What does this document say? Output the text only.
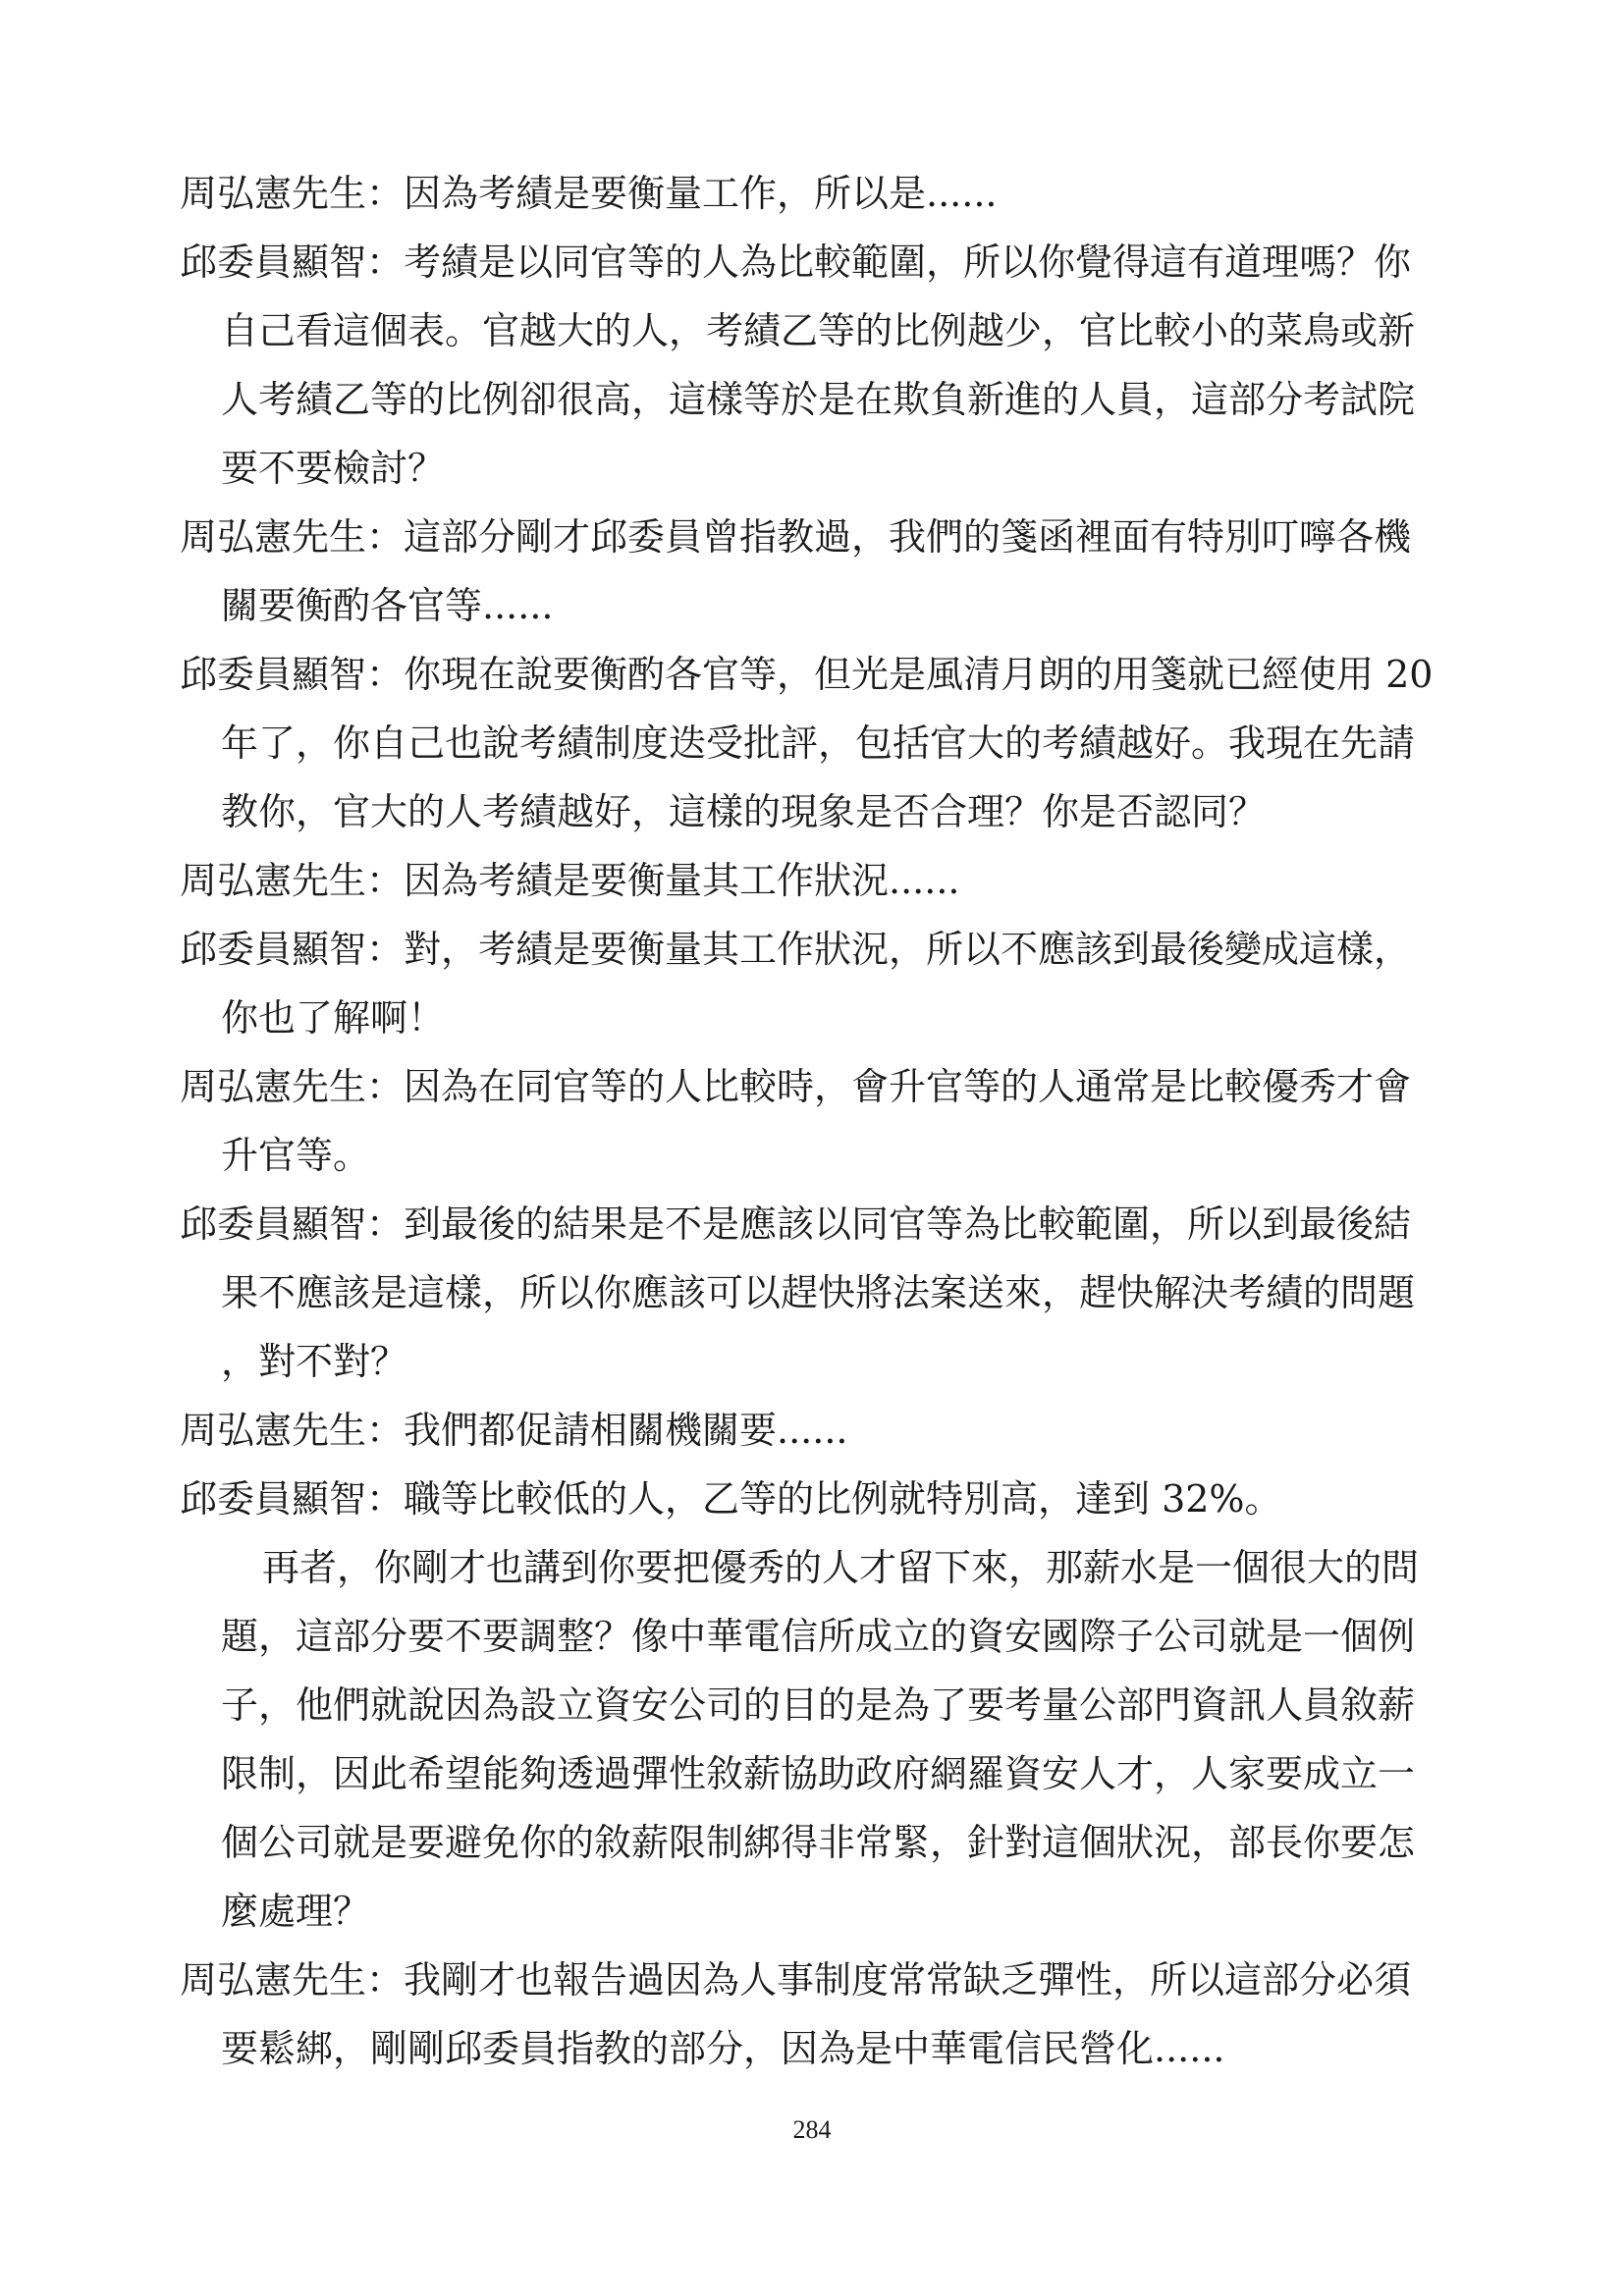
周弘憲先生：因為考績是要衡量工作，所以是......
邱委員顯智：考績是以同官等的人為比較範圍，所以你覺得這有道理嗎？你
自己看這個表。官越大的人，考績乙等的比例越少，官比較小的菜鳥或新
人考績乙等的比例卻很高，這樣等於是在欺負新進的人員，這部分考試院
要不要檢討？
周弘憲先生：這部分剛才邱委員曾指教過，我們的箋函裡面有特別叮嚀各機
關要衡酌各官等......
邱委員顯智：你現在說要衡酌各官等，但光是風清月朗的用箋就已經使用 20
年了，你自己也說考績制度迭受批評，包括官大的考績越好。我現在先請
教你，官大的人考績越好，這樣的現象是否合理？你是否認同？
周弘憲先生：因為考績是要衡量其工作狀況......
邱委員顯智：對，考績是要衡量其工作狀況，所以不應該到最後變成這樣，
你也了解啊！
周弘憲先生：因為在同官等的人比較時，會升官等的人通常是比較優秀才會
升官等。
邱委員顯智：到最後的結果是不是應該以同官等為比較範圍，所以到最後結
果不應該是這樣，所以你應該可以趕快將法案送來，趕快解決考績的問題
，對不對？
周弘憲先生：我們都促請相關機關要......
邱委員顯智：職等比較低的人，乙等的比例就特別高，達到 32%。
再者，你剛才也講到你要把優秀的人才留下來，那薪水是一個很大的問
題，這部分要不要調整？像中華電信所成立的資安國際子公司就是一個例
子，他們就說因為設立資安公司的目的是為了要考量公部門資訊人員敘薪
限制，因此希望能夠透過彈性敘薪協助政府網羅資安人才，人家要成立一
個公司就是要避免你的敘薪限制綁得非常緊，針對這個狀況，部長你要怎
麼處理？
周弘憲先生：我剛才也報告過因為人事制度常常缺乏彈性，所以這部分必須
要鬆綁，剛剛邱委員指教的部分，因為是中華電信民營化......
284
